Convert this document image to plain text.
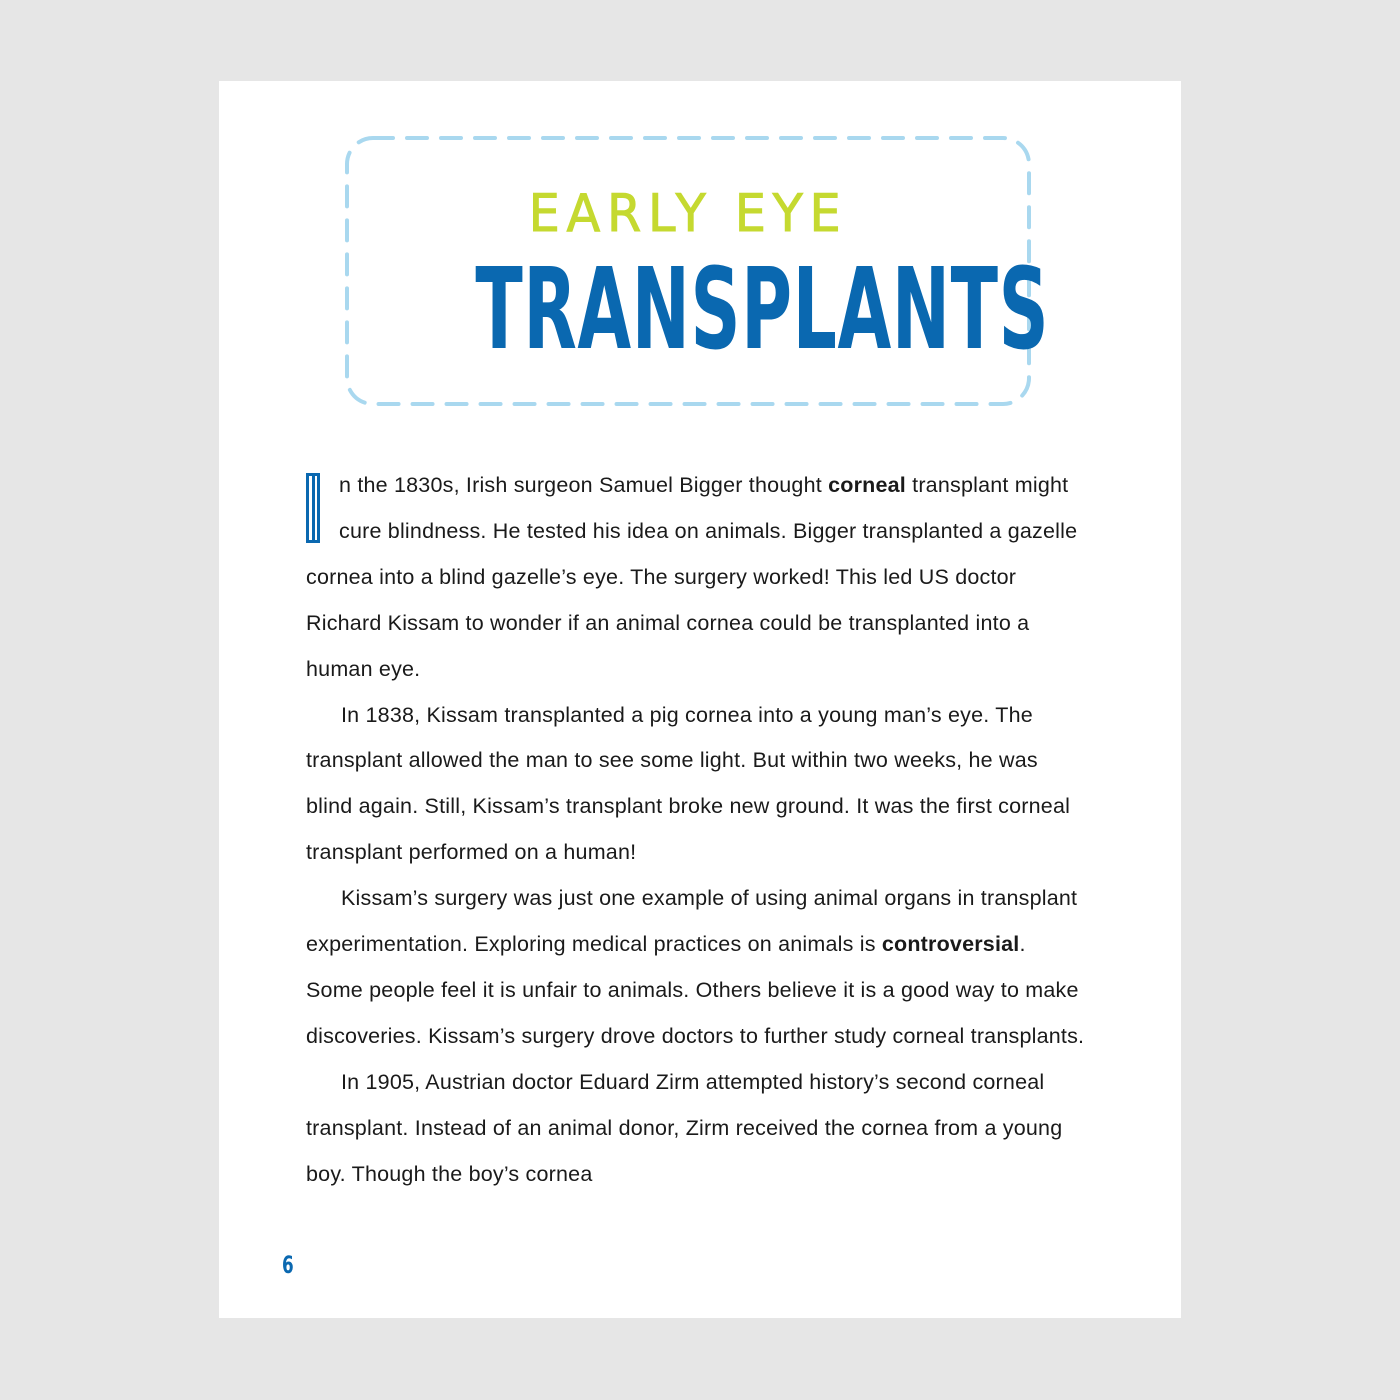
EARLY EYE
TRANSPLANTS

n the 1830s, Irish surgeon Samuel Bigger thought corneal transplant might cure blindness. He tested his idea on animals. Bigger transplanted a gazelle cornea into a blind gazelle’s eye. The surgery worked! This led US doctor Richard Kissam to wonder if an animal cornea could be transplanted into a human eye.

In 1838, Kissam transplanted a pig cornea into a young man’s eye. The transplant allowed the man to see some light. But within two weeks, he was blind again. Still, Kissam’s transplant broke new ground. It was the first corneal transplant performed on a human!

Kissam’s surgery was just one example of using animal organs in transplant experimentation. Exploring medical practices on animals is controversial. Some people feel it is unfair to animals. Others believe it is a good way to make discoveries. Kissam’s surgery drove doctors to further study corneal transplants.

In 1905, Austrian doctor Eduard Zirm attempted history’s second corneal transplant. Instead of an animal donor, Zirm received the cornea from a young boy. Though the boy’s cornea

6
